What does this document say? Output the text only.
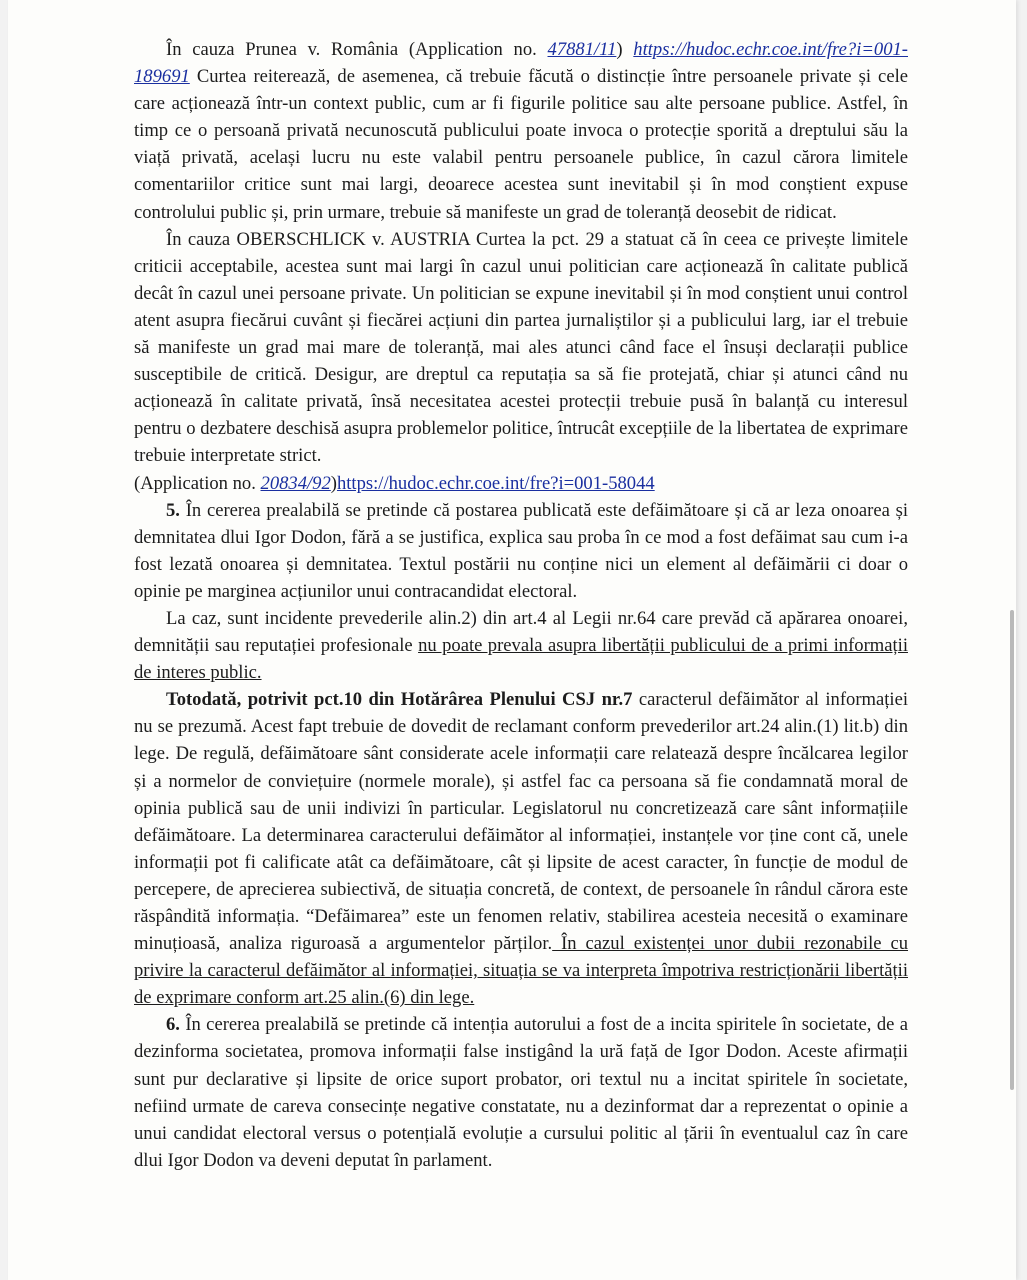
În cauza Prunea v. România (Application no. 47881/11) https://hudoc.echr.coe.int/fre?i=001-189691 Curtea reiterează, de asemenea, că trebuie făcută o distincție între persoanele private și cele care acționează într-un context public, cum ar fi figurile politice sau alte persoane publice. Astfel, în timp ce o persoană privată necunoscută publicului poate invoca o protecție sporită a dreptului său la viață privată, același lucru nu este valabil pentru persoanele publice, în cazul cărora limitele comentariilor critice sunt mai largi, deoarece acestea sunt inevitabil și în mod conștient expuse controlului public și, prin urmare, trebuie să manifeste un grad de toleranță deosebit de ridicat.

În cauza OBERSCHLICK v. AUSTRIA Curtea la pct. 29 a statuat că în ceea ce privește limitele criticii acceptabile, acestea sunt mai largi în cazul unui politician care acționează în calitate publică decât în cazul unei persoane private. Un politician se expune inevitabil și în mod conștient unui control atent asupra fiecărui cuvânt și fiecărei acțiuni din partea jurnaliștilor și a publicului larg, iar el trebuie să manifeste un grad mai mare de toleranță, mai ales atunci când face el însuși declarații publice susceptibile de critică. Desigur, are dreptul ca reputația sa să fie protejată, chiar și atunci când nu acționează în calitate privată, însă necesitatea acestei protecții trebuie pusă în balanță cu interesul pentru o dezbatere deschisă asupra problemelor politice, întrucât excepțiile de la libertatea de exprimare trebuie interpretate strict.

(Application no. 20834/92)https://hudoc.echr.coe.int/fre?i=001-58044

5. În cererea prealabilă se pretinde că postarea publicată este defăimătoare și că ar leza onoarea și demnitatea dlui Igor Dodon, fără a se justifica, explica sau proba în ce mod a fost defăimat sau cum i-a fost lezată onoarea și demnitatea. Textul postării nu conține nici un element al defăimării ci doar o opinie pe marginea acțiunilor unui contracandidat electoral.

La caz, sunt incidente prevederile alin.2) din art.4 al Legii nr.64 care prevăd că apărarea onoarei, demnității sau reputației profesionale nu poate prevala asupra libertății publicului de a primi informații de interes public.

Totodată, potrivit pct.10 din Hotărârea Plenului CSJ nr.7 caracterul defăimător al informației nu se prezumă. Acest fapt trebuie de dovedit de reclamant conform prevederilor art.24 alin.(1) lit.b) din lege. De regulă, defăimătoare sânt considerate acele informații care relatează despre încălcarea legilor și a normelor de conviețuire (normele morale), și astfel fac ca persoana să fie condamnată moral de opinia publică sau de unii indivizi în particular. Legislatorul nu concretizează care sânt informațiile defăimătoare. La determinarea caracterului defăimător al informației, instanțele vor ține cont că, unele informații pot fi calificate atât ca defăimătoare, cât și lipsite de acest caracter, în funcție de modul de percepere, de aprecierea subiectivă, de situația concretă, de context, de persoanele în rândul cărora este răspândită informația. “Defăimarea” este un fenomen relativ, stabilirea acesteia necesită o examinare minuțioasă, analiza riguroasă a argumentelor părților. În cazul existenței unor dubii rezonabile cu privire la caracterul defăimător al informației, situația se va interpreta împotriva restricționării libertății de exprimare conform art.25 alin.(6) din lege.

6. În cererea prealabilă se pretinde că intenția autorului a fost de a incita spiritele în societate, de a dezinforma societatea, promova informații false instigând la ură față de Igor Dodon. Aceste afirmații sunt pur declarative și lipsite de orice suport probator, ori textul nu a incitat spiritele în societate, nefiind urmate de careva consecințe negative constatate, nu a dezinformat dar a reprezentat o opinie a unui candidat electoral versus o potențială evoluție a cursului politic al țării în eventualul caz în care dlui Igor Dodon va deveni deputat în parlament.
